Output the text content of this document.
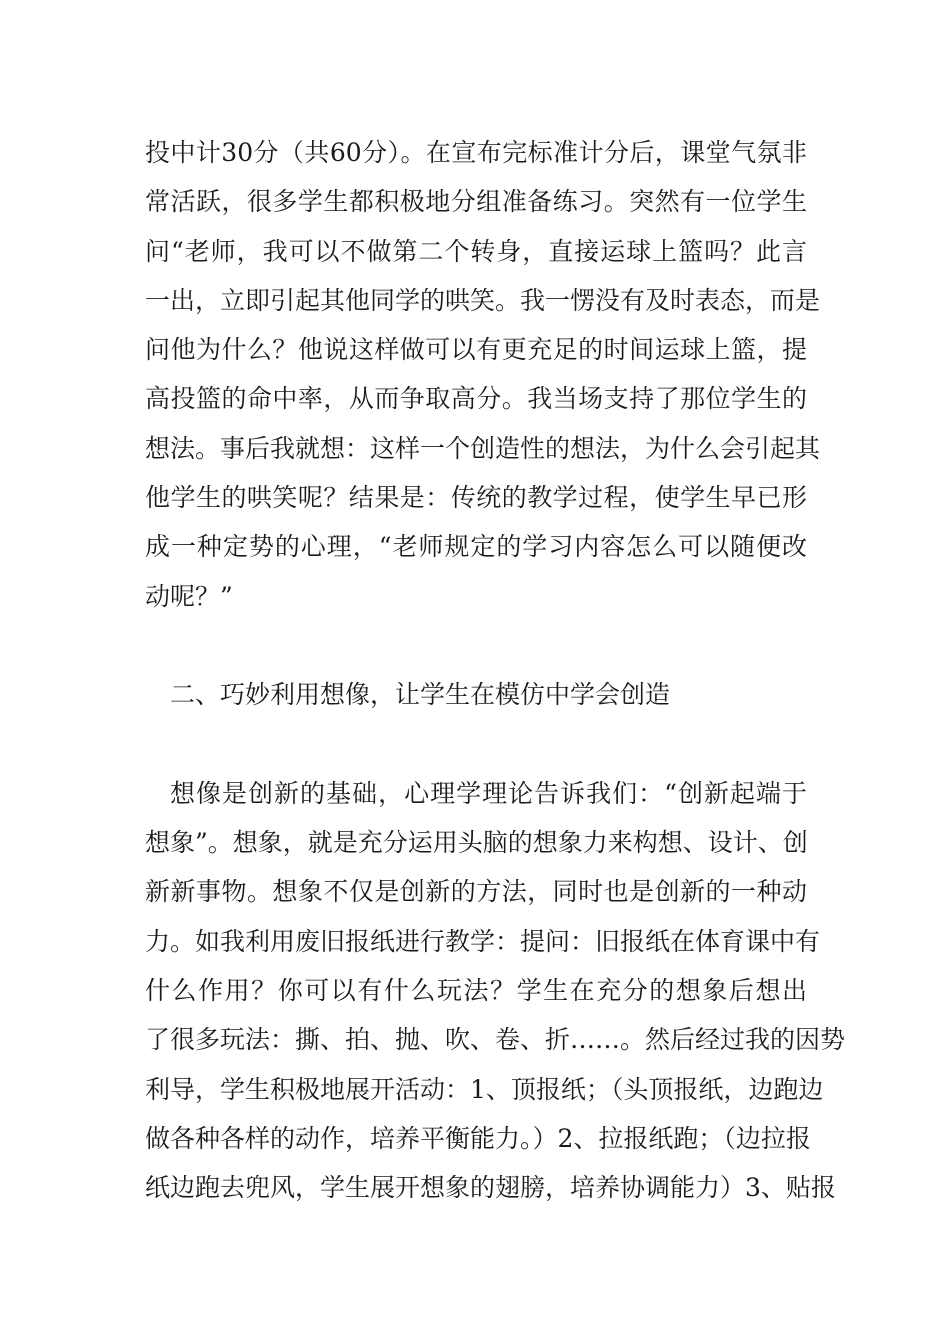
投中计30分（共60分）。在宣布完标准计分后，课堂气氛非
常活跃，很多学生都积极地分组准备练习。突然有一位学生
问“老师，我可以不做第二个转身，直接运球上篮吗？此言
一出，立即引起其他同学的哄笑。我一愣没有及时表态，而是
问他为什么？他说这样做可以有更充足的时间运球上篮，提
高投篮的命中率，从而争取高分。我当场支持了那位学生的
想法。事后我就想：这样一个创造性的想法，为什么会引起其
他学生的哄笑呢？结果是：传统的教学过程，使学生早已形
成一种定势的心理，“老师规定的学习内容怎么可以随便改
动呢？”
二、巧妙利用想像，让学生在模仿中学会创造
想像是创新的基础，心理学理论告诉我们：“创新起端于
想象”。想象，就是充分运用头脑的想象力来构想、设计、创
新新事物。想象不仅是创新的方法，同时也是创新的一种动
力。如我利用废旧报纸进行教学：提问：旧报纸在体育课中有
什么作用？你可以有什么玩法？学生在充分的想象后想出
了很多玩法：撕、拍、抛、吹、卷、折……。然后经过我的因势
利导，学生积极地展开活动：1、顶报纸；（头顶报纸，边跑边
做各种各样的动作，培养平衡能力。）2、拉报纸跑；（边拉报
纸边跑去兜风，学生展开想象的翅膀，培养协调能力）3、贴报
